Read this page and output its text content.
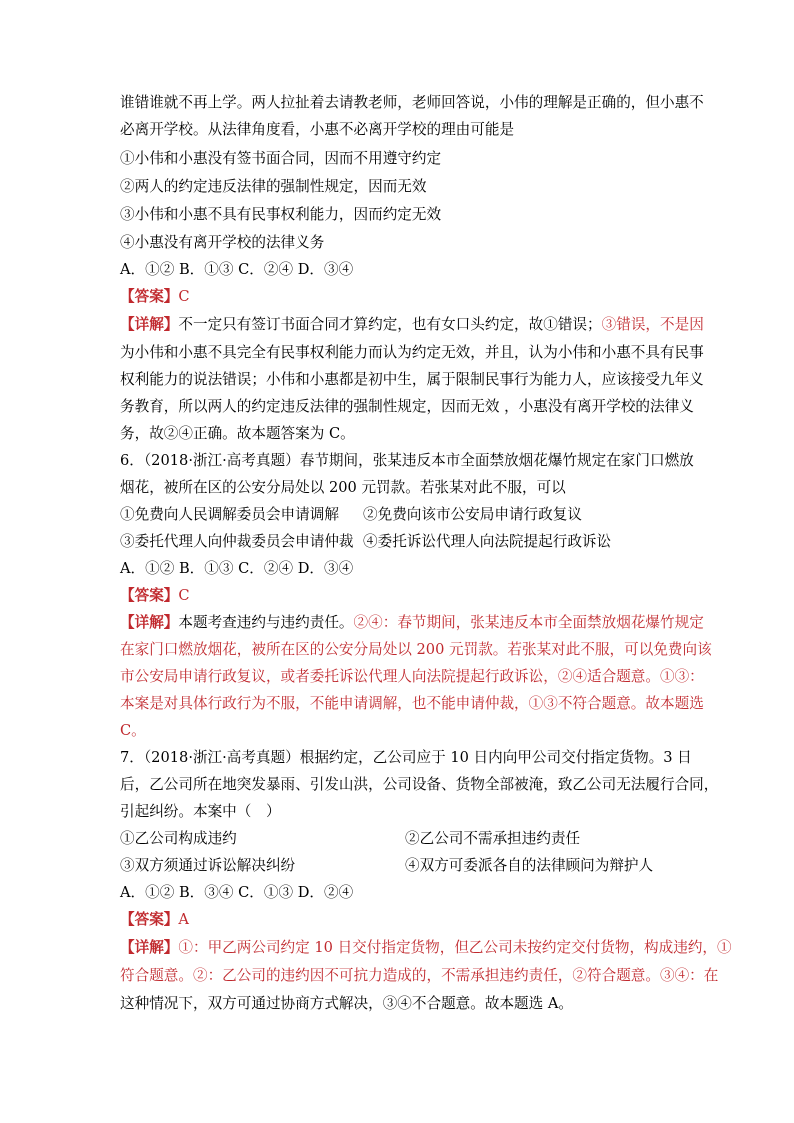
谁错谁就不再上学。两人拉扯着去请教老师，老师回答说，小伟的理解是正确的，但小惠不
必离开学校。从法律角度看，小惠不必离开学校的理由可能是
①小伟和小惠没有签书面合同，因而不用遵守约定
②两人的约定违反法律的强制性规定，因而无效
③小伟和小惠不具有民事权利能力，因而约定无效
④小惠没有离开学校的法律义务
A．①② B．①③ C．②④ D．③④
【答案】C
【详解】不一定只有签订书面合同才算约定，也有女口头约定，故①错误；③错误，不是因
为小伟和小惠不具完全有民事权利能力而认为约定无效，并且，认为小伟和小惠不具有民事
权利能力的说法错误；小伟和小惠都是初中生，属于限制民事行为能力人，应该接受九年义
务教育，所以两人的约定违反法律的强制性规定，因而无效 ，小惠没有离开学校的法律义
务，故②④正确。故本题答案为 C。
6．（2018·浙江·高考真题）春节期间，张某违反本市全面禁放烟花爆竹规定在家门口燃放
烟花，被所在区的公安分局处以 200 元罚款。若张某对此不服，可以
①免费向人民调解委员会申请调解 ②免费向该市公安局申请行政复议
③委托代理人向仲裁委员会申请仲裁 ④委托诉讼代理人向法院提起行政诉讼
A．①② B．①③ C．②④ D．③④
【答案】C
【详解】本题考查违约与违约责任。②④：春节期间，张某违反本市全面禁放烟花爆竹规定
在家门口燃放烟花，被所在区的公安分局处以 200 元罚款。若张某对此不服，可以免费向该
市公安局申请行政复议，或者委托诉讼代理人向法院提起行政诉讼，②④适合题意。①③：
本案是对具体行政行为不服，不能申请调解，也不能申请仲裁，①③不符合题意。故本题选
C。
7．（2018·浙江·高考真题）根据约定，乙公司应于 10 日内向甲公司交付指定货物。3 日
后，乙公司所在地突发暴雨、引发山洪，公司设备、货物全部被淹，致乙公司无法履行合同，
引起纠纷。本案中（　）
①乙公司构成违约	②乙公司不需承担违约责任
③双方须通过诉讼解决纠纷	④双方可委派各自的法律顾问为辩护人
A．①② B．③④ C．①③ D．②④
【答案】A
【详解】①：甲乙两公司约定 10 日交付指定货物，但乙公司未按约定交付货物，构成违约，①
符合题意。②：乙公司的违约因不可抗力造成的，不需承担违约责任，②符合题意。③④：在
这种情况下，双方可通过协商方式解决，③④不合题意。故本题选 A。
